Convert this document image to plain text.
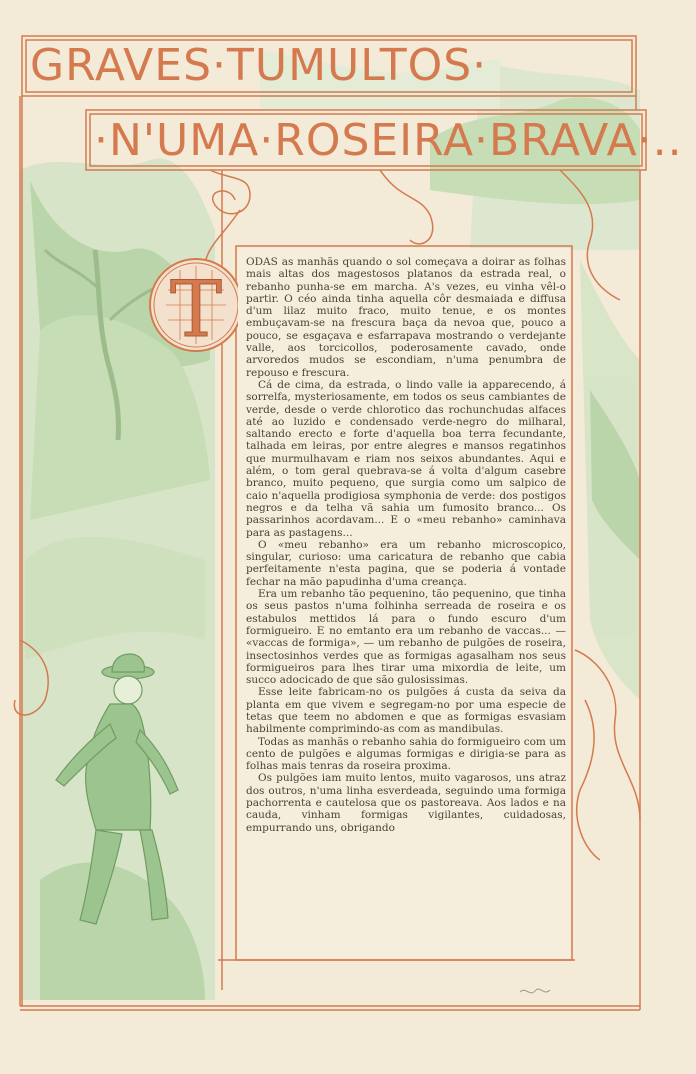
GRAVES·TUMULTOS·
·N'UMA·ROSEIRA·BRAVA·..
T

ODAS as manhãs quando o sol começava a doirar as folhas mais altas dos magestosos platanos da estrada real, o rebanho punha-se em marcha. A's vezes, eu vinha vêl-o partir. O céo ainda tinha aquella côr desmaiada e diffusa d'um lilaz muito fraco, muito tenue, e os montes embuçavam-se na frescura baça da nevoa que, pouco a pouco, se esgaçava e esfarrapava mostrando o verdejante valle, aos torcicollos, poderosamente cavado, onde arvoredos mudos se escondiam, n'uma penumbra de repouso e frescura.

Cá de cima, da estrada, o lindo valle ia apparecendo, á sorrelfa, mysteriosamente, em todos os seus cambiantes de verde, desde o verde chlorotico das rochunchudas alfaces até ao luzido e condensado verde-negro do milharal, saltando erecto e forte d'aquella boa terra fecundante, talhada em leiras, por entre alegres e mansos regatinhos que murmulhavam e riam nos seixos abundantes. Aqui e além, o tom geral quebrava-se á volta d'algum casebre branco, muito pequeno, que surgia como um salpico de caio n'aquella prodigiosa symphonia de verde: dos postigos negros e da telha vã sahia um fumosito branco... Os passarinhos acordavam... E o «meu rebanho» caminhava para as pastagens...

O «meu rebanho» era um rebanho microscopico, singular, curioso: uma caricatura de rebanho que cabia perfeitamente n'esta pagina, que se poderia á vontade fechar na mão papudinha d'uma creança.

Era um rebanho tão pequenino, tão pequenino, que tinha os seus pastos n'uma folhinha serreada de roseira e os estabulos mettidos lá para o fundo escuro d'um formigueiro. E no emtanto era um rebanho de vaccas... — «vaccas de formiga», — um rebanho de pulgões de roseira, insectosinhos verdes que as formigas agasalham nos seus formigueiros para lhes tirar uma mixordia de leite, um succo adocicado de que são gulosissimas.

Esse leite fabricam-no os pulgões á custa da seiva da planta em que vivem e segregam-no por uma especie de tetas que teem no abdomen e que as formigas esvasiam habilmente comprimindo-as com as mandibulas.

Todas as manhãs o rebanho sahia do formigueiro com um cento de pulgões e algumas formigas e dirigia-se para as folhas mais tenras da roseira proxima.

Os pulgões iam muito lentos, muito vagarosos, uns atraz dos outros, n'uma linha esverdeada, seguindo uma formiga pachorrenta e cautelosa que os pastoreava. Aos lados e na cauda, vinham formigas vigilantes, cuidadosas, empurrando uns, obrigando
